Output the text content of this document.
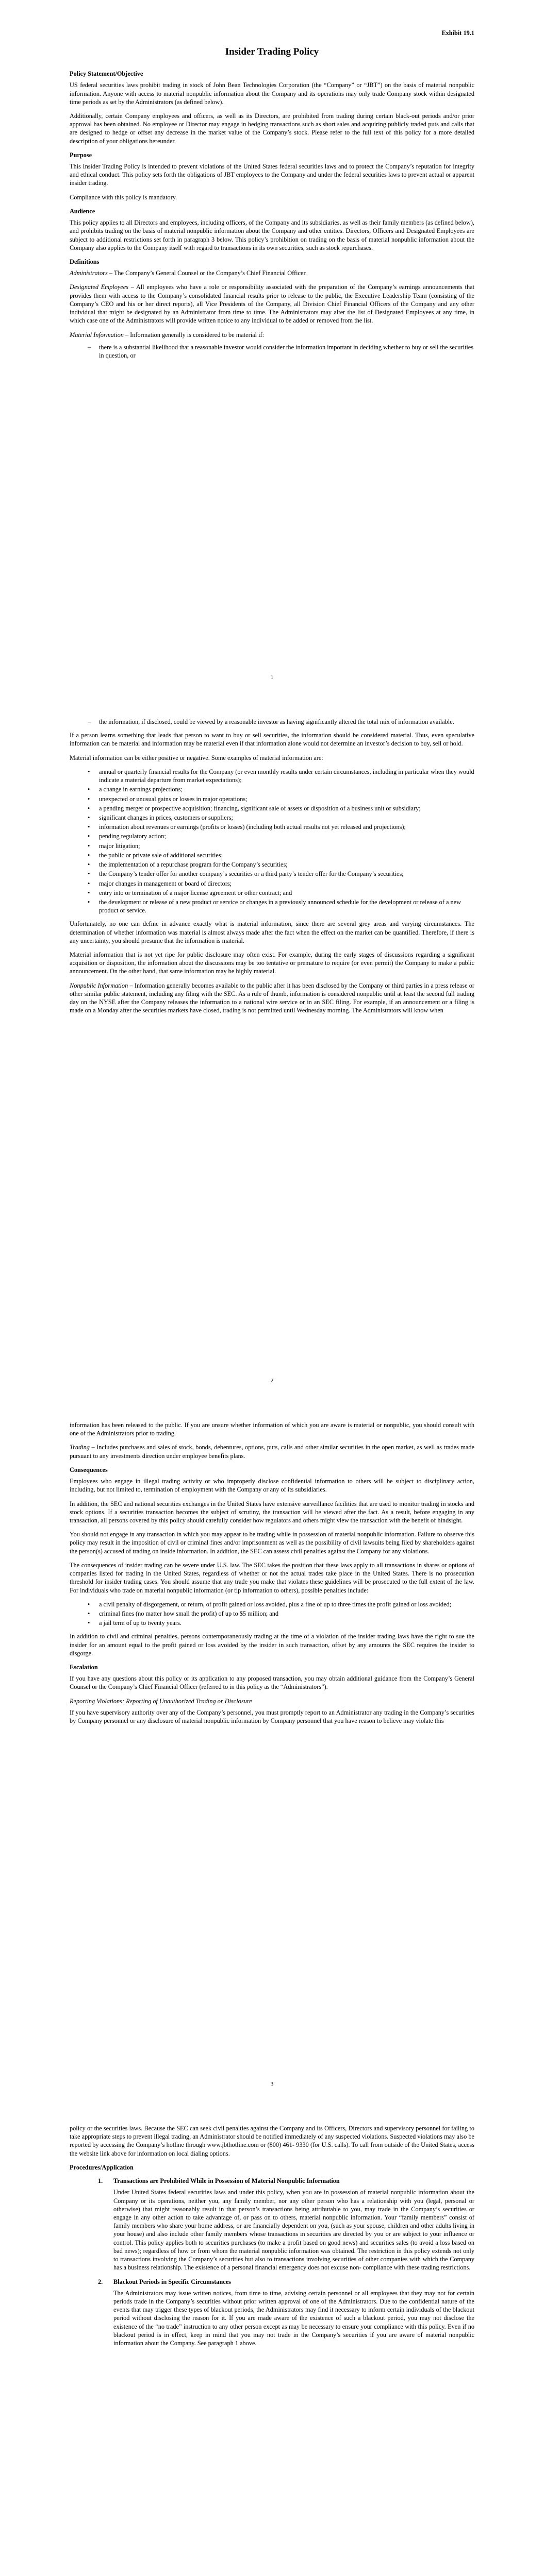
Exhibit 19.1
Insider Trading Policy
Policy Statement/Objective

US federal securities laws prohibit trading in stock of John Bean Technologies Corporation (the “Company” or “JBT”) on the basis of material nonpublic information. Anyone with access to material nonpublic information about the Company and its operations may only trade Company stock within designated time periods as set by the Administrators (as defined below).

Additionally, certain Company employees and officers, as well as its Directors, are prohibited from trading during certain black-out periods and/or prior approval has been obtained. No employee or Director may engage in hedging transactions such as short sales and acquiring publicly traded puts and calls that are designed to hedge or offset any decrease in the market value of the Company’s stock. Please refer to the full text of this policy for a more detailed description of your obligations hereunder.

Purpose

This Insider Trading Policy is intended to prevent violations of the United States federal securities laws and to protect the Company’s reputation for integrity and ethical conduct. This policy sets forth the obligations of JBT employees to the Company and under the federal securities laws to prevent actual or apparent insider trading.

Compliance with this policy is mandatory.

Audience

This policy applies to all Directors and employees, including officers, of the Company and its subsidiaries, as well as their family members (as defined below), and prohibits trading on the basis of material nonpublic information about the Company and other entities. Directors, Officers and Designated Employees are subject to additional restrictions set forth in paragraph 3 below. This policy’s prohibition on trading on the basis of material nonpublic information about the Company also applies to the Company itself with regard to transactions in its own securities, such as stock repurchases.

Definitions

Administrators – The Company’s General Counsel or the Company’s Chief Financial Officer.

Designated Employees – All employees who have a role or responsibility associated with the preparation of the Company’s earnings announcements that provides them with access to the Company’s consolidated financial results prior to release to the public, the Executive Leadership Team (consisting of the Company’s CEO and his or her direct reports), all Vice Presidents of the Company, all Division Chief Financial Officers of the Company and any other individual that might be designated by an Administrator from time to time. The Administrators may alter the list of Designated Employees at any time, in which case one of the Administrators will provide written notice to any individual to be added or removed from the list.

Material Information – Information generally is considered to be material if:

– there is a substantial likelihood that a reasonable investor would consider the information important in deciding whether to buy or sell the securities in question, or
1
– the information, if disclosed, could be viewed by a reasonable investor as having significantly altered the total mix of information available.

If a person learns something that leads that person to want to buy or sell securities, the information should be considered material. Thus, even speculative information can be material and information may be material even if that information alone would not determine an investor’s decision to buy, sell or hold.

Material information can be either positive or negative. Some examples of material information are:

• annual or quarterly financial results for the Company (or even monthly results under certain circumstances, including in particular when they would indicate a material departure from market expectations);
• a change in earnings projections;
• unexpected or unusual gains or losses in major operations;
• a pending merger or prospective acquisition; financing, significant sale of assets or disposition of a business unit or subsidiary;
• significant changes in prices, customers or suppliers;
• information about revenues or earnings (profits or losses) (including both actual results not yet released and projections);
• pending regulatory action;
• major litigation;
• the public or private sale of additional securities;
• the implementation of a repurchase program for the Company’s securities;
• the Company’s tender offer for another company’s securities or a third party’s tender offer for the Company’s securities;
• major changes in management or board of directors;
• entry into or termination of a major license agreement or other contract; and
• the development or release of a new product or service or changes in a previously announced schedule for the development or release of a new product or service.

Unfortunately, no one can define in advance exactly what is material information, since there are several grey areas and varying circumstances. The determination of whether information was material is almost always made after the fact when the effect on the market can be quantified. Therefore, if there is any uncertainty, you should presume that the information is material.

Material information that is not yet ripe for public disclosure may often exist. For example, during the early stages of discussions regarding a significant acquisition or disposition, the information about the discussions may be too tentative or premature to require (or even permit) the Company to make a public announcement. On the other hand, that same information may be highly material.

Nonpublic Information – Information generally becomes available to the public after it has been disclosed by the Company or third parties in a press release or other similar public statement, including any filing with the SEC. As a rule of thumb, information is considered nonpublic until at least the second full trading day on the NYSE after the Company releases the information to a national wire service or in an SEC filing. For example, if an announcement or a filing is made on a Monday after the securities markets have closed, trading is not permitted until Wednesday morning. The Administrators will know when

2

information has been released to the public. If you are unsure whether information of which you are aware is material or nonpublic, you should consult with one of the Administrators prior to trading.

Trading – Includes purchases and sales of stock, bonds, debentures, options, puts, calls and other similar securities in the open market, as well as trades made pursuant to any investments direction under employee benefits plans.

Consequences

Employees who engage in illegal trading activity or who improperly disclose confidential information to others will be subject to disciplinary action, including, but not limited to, termination of employment with the Company or any of its subsidiaries.

In addition, the SEC and national securities exchanges in the United States have extensive surveillance facilities that are used to monitor trading in stocks and stock options. If a securities transaction becomes the subject of scrutiny, the transaction will be viewed after the fact. As a result, before engaging in any transaction, all persons covered by this policy should carefully consider how regulators and others might view the transaction with the benefit of hindsight.

You should not engage in any transaction in which you may appear to be trading while in possession of material nonpublic information. Failure to observe this policy may result in the imposition of civil or criminal fines and/or imprisonment as well as the possibility of civil lawsuits being filed by shareholders against the person(s) accused of trading on inside information. In addition, the SEC can assess civil penalties against the Company for any violations.

The consequences of insider trading can be severe under U.S. law. The SEC takes the position that these laws apply to all transactions in shares or options of companies listed for trading in the United States, regardless of whether or not the actual trades take place in the United States. There is no prosecution threshold for insider trading cases. You should assume that any trade you make that violates these guidelines will be prosecuted to the full extent of the law. For individuals who trade on material nonpublic information (or tip information to others), possible penalties include:

• a civil penalty of disgorgement, or return, of profit gained or loss avoided, plus a fine of up to three times the profit gained or loss avoided;
• criminal fines (no matter how small the profit) of up to $5 million; and
• a jail term of up to twenty years.

In addition to civil and criminal penalties, persons contemporaneously trading at the time of a violation of the insider trading laws have the right to sue the insider for an amount equal to the profit gained or loss avoided by the insider in such transaction, offset by any amounts the SEC requires the insider to disgorge.

Escalation

If you have any questions about this policy or its application to any proposed transaction, you may obtain additional guidance from the Company’s General Counsel or the Company’s Chief Financial Officer (referred to in this policy as the “Administrators”).

Reporting Violations: Reporting of Unauthorized Trading or Disclosure

If you have supervisory authority over any of the Company’s personnel, you must promptly report to an Administrator any trading in the Company’s securities by Company personnel or any disclosure of material nonpublic information by Company personnel that you have reason to believe may violate this

3

policy or the securities laws. Because the SEC can seek civil penalties against the Company and its Officers, Directors and supervisory personnel for failing to take appropriate steps to prevent illegal trading, an Administrator should be notified immediately of any suspected violations. Suspected violations may also be reported by accessing the Company’s hotline through www.jbthotline.com or (800) 461- 9330 (for U.S. calls). To call from outside of the United States, access the website link above for information on local dialing options.

Procedures/Application
1. Transactions are Prohibited While in Possession of Material Nonpublic Information

Under United States federal securities laws and under this policy, when you are in possession of material nonpublic information about the Company or its operations, neither you, any family member, nor any other person who has a relationship with you (legal, personal or otherwise) that might reasonably result in that person’s transactions being attributable to you, may trade in the Company’s securities or engage in any other action to take advantage of, or pass on to others, material nonpublic information. Your “family members” consist of family members who share your home address, or are financially dependent on you, (such as your spouse, children and other adults living in your house) and also include other family members whose transactions in securities are directed by you or are subject to your influence or control. This policy applies both to securities purchases (to make a profit based on good news) and securities sales (to avoid a loss based on bad news); regardless of how or from whom the material nonpublic information was obtained. The restriction in this policy extends not only to transactions involving the Company’s securities but also to transactions involving securities of other companies with which the Company has a business relationship. The existence of a personal financial emergency does not excuse non- compliance with these trading restrictions.

2. Blackout Periods in Specific Circumstances

The Administrators may issue written notices, from time to time, advising certain personnel or all employees that they may not for certain periods trade in the Company’s securities without prior written approval of one of the Administrators. Due to the confidential nature of the events that may trigger these types of blackout periods, the Administrators may find it necessary to inform certain individuals of the blackout period without disclosing the reason for it. If you are made aware of the existence of such a blackout period, you may not disclose the existence of the “no trade” instruction to any other person except as may be necessary to ensure your compliance with this policy. Even if no blackout period is in effect, keep in mind that you may not trade in the Company’s securities if you are aware of material nonpublic information about the Company. See paragraph 1 above.
